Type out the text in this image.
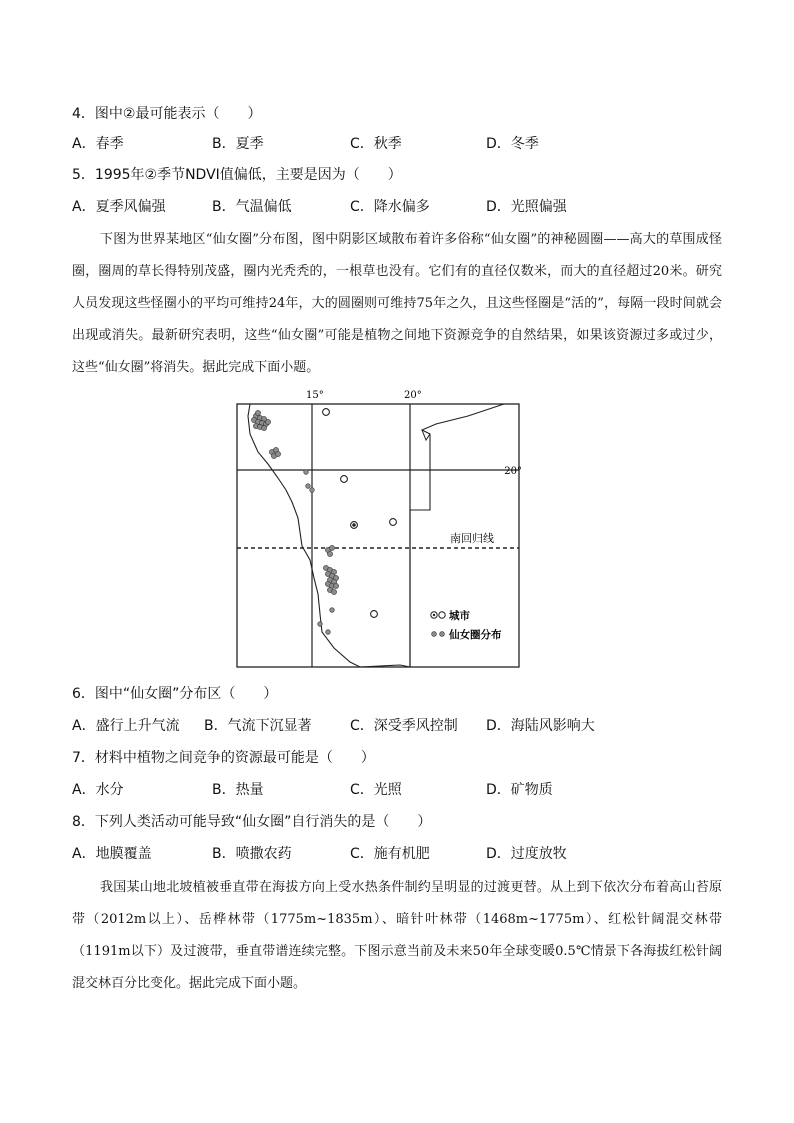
4．图中②最可能表示（　　）
A．春季	B．夏季	C．秋季	D．冬季
5．1995年②季节NDVI值偏低，主要是因为（　　）
A．夏季风偏强	B．气温偏低	C．降水偏多	D．光照偏强

下图为世界某地区“仙女圈”分布图，图中阴影区域散布着许多俗称“仙女圈”的神秘圆圈——高大的草围成怪圈，圈周的草长得特别茂盛，圈内光秃秃的，一根草也没有。它们有的直径仅数米，而大的直径超过20米。研究人员发现这些怪圈小的平均可维持24年，大的圆圈则可维持75年之久，且这些怪圈是“活的”，每隔一段时间就会出现或消失。最新研究表明，这些“仙女圈”可能是植物之间地下资源竞争的自然结果，如果该资源过多或过少，这些“仙女圈”将消失。据此完成下面小题。

15°	20°
20°
南回归线
城市
仙女圈分布
6．图中“仙女圈”分布区（　　）
A．盛行上升气流 B．气流下沉显著	C．深受季风控制 D．海陆风影响大
7．材料中植物之间竞争的资源最可能是（　　）
A．水分	B．热量	C．光照	D．矿物质
8．下列人类活动可能导致“仙女圈”自行消失的是（　　）
A．地膜覆盖	B．喷撒农药	C．施有机肥	D．过度放牧

我国某山地北坡植被垂直带在海拔方向上受水热条件制约呈明显的过渡更替。从上到下依次分布着高山苔原带（2012m以上）、岳桦林带（1775m~1835m）、暗针叶林带（1468m~1775m）、红松针阔混交林带（1191m以下）及过渡带，垂直带谱连续完整。下图示意当前及未来50年全球变暖0.5℃情景下各海拔红松针阔混交林百分比变化。据此完成下面小题。
